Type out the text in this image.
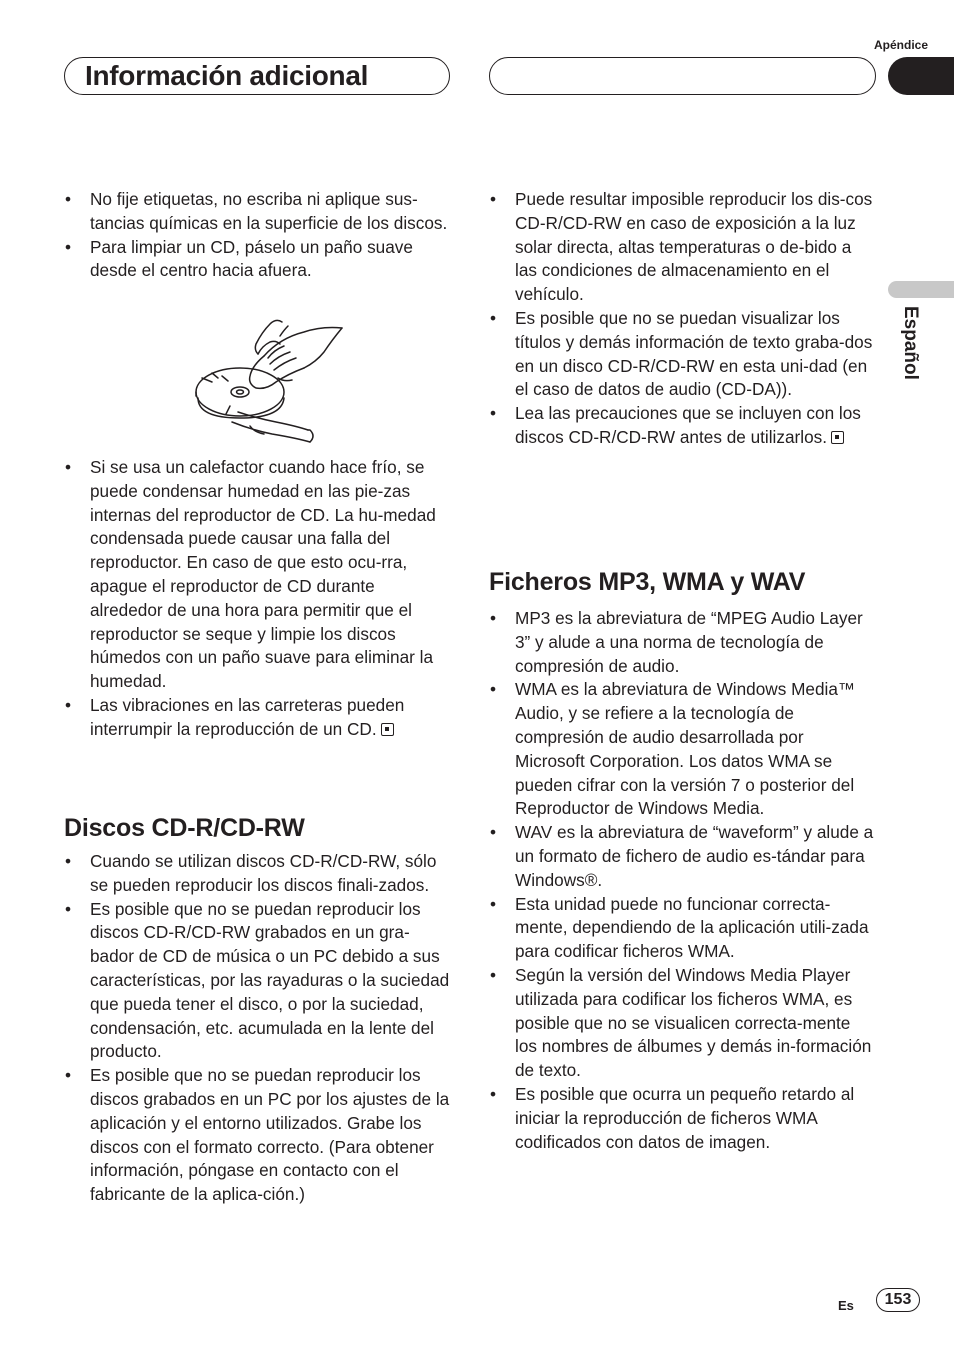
Apéndice
Información adicional
Español
• No fije etiquetas, no escriba ni aplique sus-tancias químicas en la superficie de los discos.
• Para limpiar un CD, páselo un paño suave desde el centro hacia afuera.
• Si se usa un calefactor cuando hace frío, se puede condensar humedad en las pie-zas internas del reproductor de CD. La hu-medad condensada puede causar una falla del reproductor. En caso de que esto ocu-rra, apague el reproductor de CD durante alrededor de una hora para permitir que el reproductor se seque y limpie los discos húmedos con un paño suave para eliminar la humedad.
• Las vibraciones en las carreteras pueden interrumpir la reproducción de un CD.
Discos CD-R/CD-RW
• Cuando se utilizan discos CD-R/CD-RW, sólo se pueden reproducir los discos finali-zados.
• Es posible que no se puedan reproducir los discos CD-R/CD-RW grabados en un gra-bador de CD de música o un PC debido a sus características, por las rayaduras o la suciedad que pueda tener el disco, o por la suciedad, condensación, etc. acumulada en la lente del producto.
• Es posible que no se puedan reproducir los discos grabados en un PC por los ajustes de la aplicación y el entorno utilizados. Grabe los discos con el formato correcto. (Para obtener información, póngase en contacto con el fabricante de la aplica-ción.)
• Puede resultar imposible reproducir los dis-cos CD-R/CD-RW en caso de exposición a la luz solar directa, altas temperaturas o de-bido a las condiciones de almacenamiento en el vehículo.
• Es posible que no se puedan visualizar los títulos y demás información de texto graba-dos en un disco CD-R/CD-RW en esta uni-dad (en el caso de datos de audio (CD-DA)).
• Lea las precauciones que se incluyen con los discos CD-R/CD-RW antes de utilizarlos.
Ficheros MP3, WMA y WAV
• MP3 es la abreviatura de “MPEG Audio Layer 3” y alude a una norma de tecnología de compresión de audio.
• WMA es la abreviatura de Windows Media™ Audio, y se refiere a la tecnología de compresión de audio desarrollada por Microsoft Corporation. Los datos WMA se pueden cifrar con la versión 7 o posterior del Reproductor de Windows Media.
• WAV es la abreviatura de “waveform” y alude a un formato de fichero de audio es-tándar para Windows®.
• Esta unidad puede no funcionar correcta-mente, dependiendo de la aplicación utili-zada para codificar ficheros WMA.
• Según la versión del Windows Media Player utilizada para codificar los ficheros WMA, es posible que no se visualicen correcta-mente los nombres de álbumes y demás in-formación de texto.
• Es posible que ocurra un pequeño retardo al iniciar la reproducción de ficheros WMA codificados con datos de imagen.
Es	153
